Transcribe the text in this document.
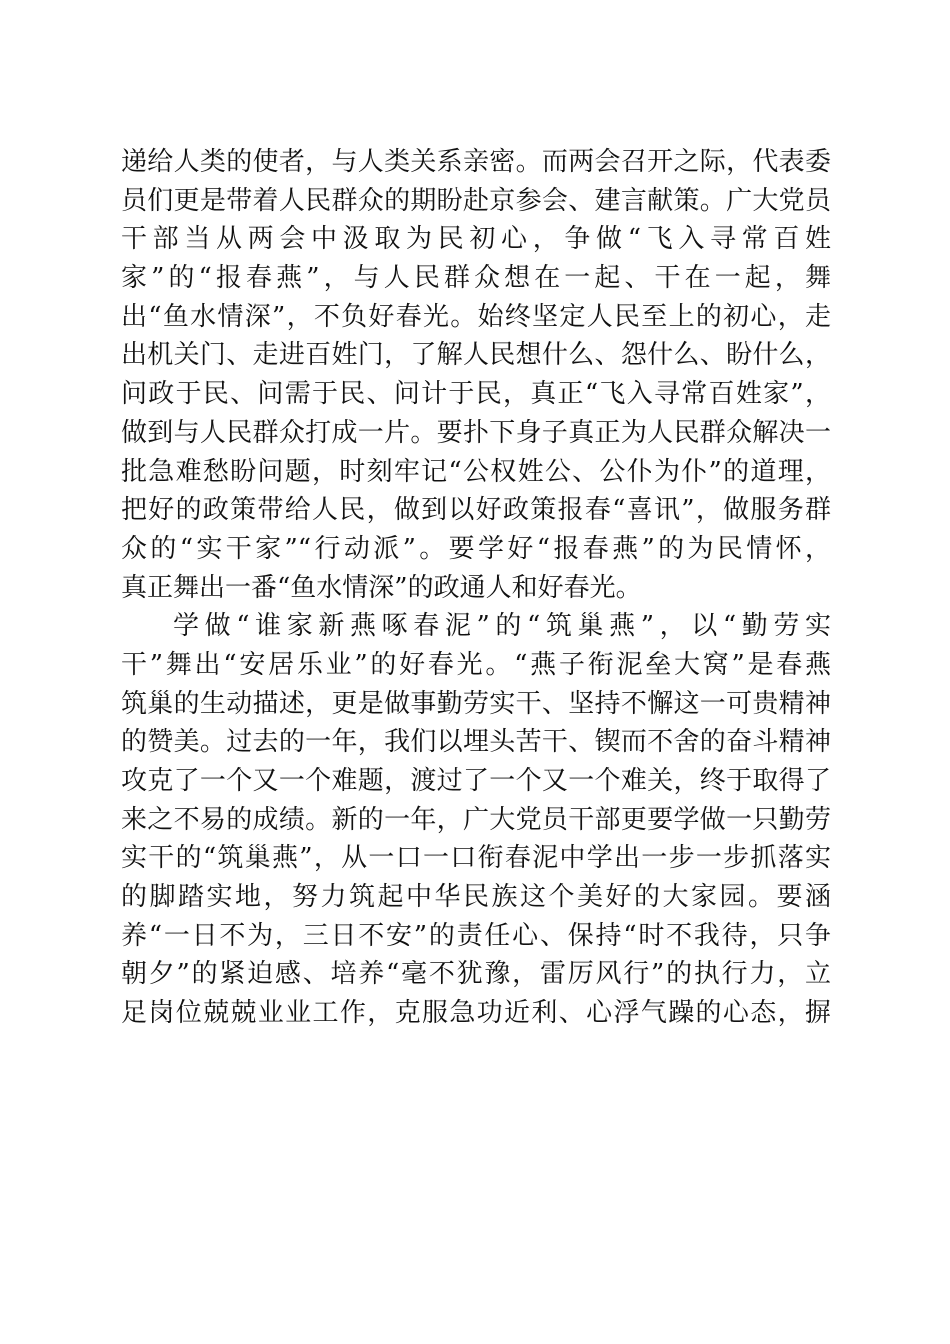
递给人类的使者，与人类关系亲密。而两会召开之际，代表委
员们更是带着人民群众的期盼赴京参会、建言献策。广大党员
干部当从两会中汲取为民初心，争做“飞入寻常百姓
家”的“报春燕”，与人民群众想在一起、干在一起，舞
出“鱼水情深”，不负好春光。始终坚定人民至上的初心，走
出机关门、走进百姓门，了解人民想什么、怨什么、盼什么，
问政于民、问需于民、问计于民，真正“飞入寻常百姓家”，
做到与人民群众打成一片。要扑下身子真正为人民群众解决一
批急难愁盼问题，时刻牢记“公权姓公、公仆为仆”的道理，
把好的政策带给人民，做到以好政策报春“喜讯”，做服务群
众的“实干家”“行动派”。要学好“报春燕”的为民情怀，
真正舞出一番“鱼水情深”的政通人和好春光。
学做“谁家新燕啄春泥”的“筑巢燕”，以“勤劳实
干”舞出“安居乐业”的好春光。“燕子衔泥垒大窝”是春燕
筑巢的生动描述，更是做事勤劳实干、坚持不懈这一可贵精神
的赞美。过去的一年，我们以埋头苦干、锲而不舍的奋斗精神
攻克了一个又一个难题，渡过了一个又一个难关，终于取得了
来之不易的成绩。新的一年，广大党员干部更要学做一只勤劳
实干的“筑巢燕”，从一口一口衔春泥中学出一步一步抓落实
的脚踏实地，努力筑起中华民族这个美好的大家园。要涵
养“一日不为，三日不安”的责任心、保持“时不我待，只争
朝夕”的紧迫感、培养“毫不犹豫，雷厉风行”的执行力，立
足岗位兢兢业业工作，克服急功近利、心浮气躁的心态，摒
